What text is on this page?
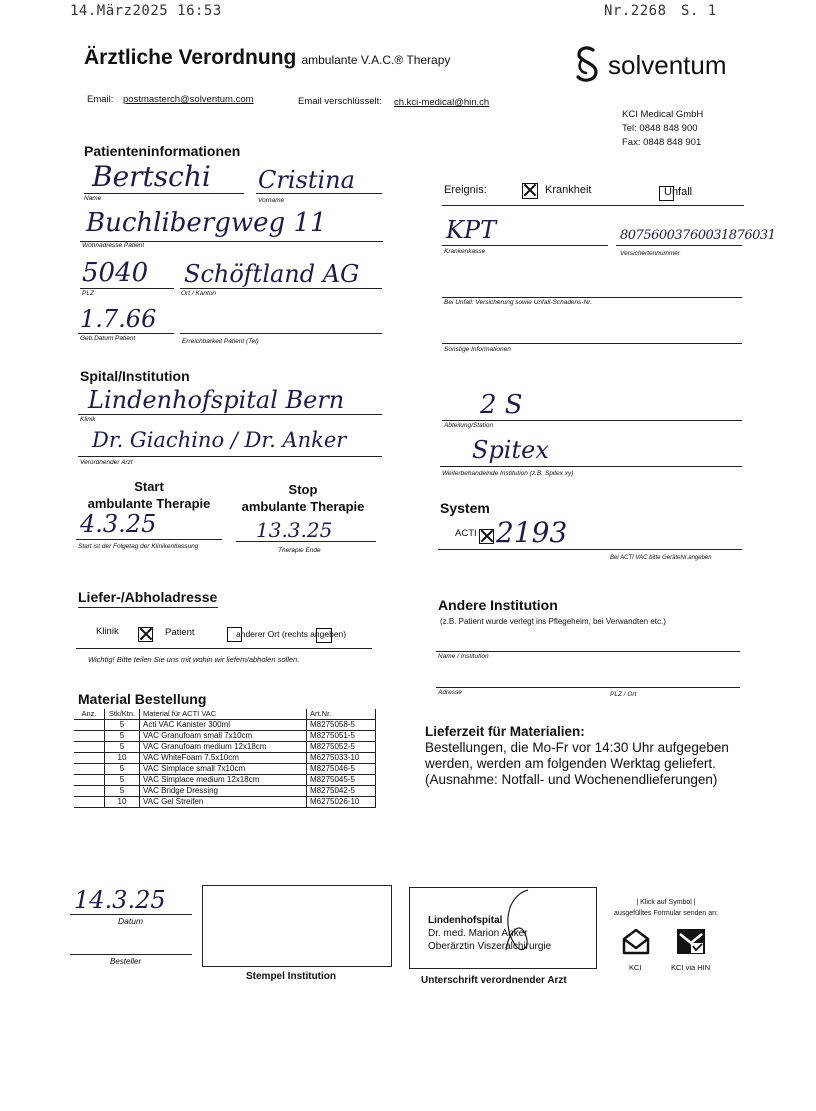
14.März2025 16:53	Nr.2268 S. 1
Ärztliche Verordnung ambulante V.A.C.® Therapy	solventum
Email: postmasterch@solventum.com	Email verschlüsselt: ch.kci-medical@hin.ch
KCI Medical GmbH
Tel: 0848 848 900
Fax: 0848 848 901
Patienteninformationen
Bertschi Cristina
Name	Vorname
Buchlibergweg 11
Wohnadresse Patient
5040 Schöftland AG
PLZ	Ort / Kanton
1.7.66
Geb.Datum Patient	Erreichbarkeit Patient (Tel)
Ereignis:
	Krankheit
	Unfall
KPT	80756003760031876031
Krankenkasse	Versichertennummer
Bei Unfall: Versicherung sowie Unfall-Schadens-Nr.
Sonstige Informationen
Spital/Institution
Lindenhofspital Bern
Klinik
Dr. Giachino / Dr. Anker
Verordnender Arzt
2 S
Abteilung/Station
Spitex
Weiterbehandelnde Institution (z.B. Spitex xy)
Start
ambulante Therapie
Stop
ambulante Therapie
4.3.25	13.3.25
Start ist der Folgetag der Klinikentlassung
Therapie Ende
System

ACTI 2193
Bei ACTI VAC bitte GeräteNr.angeben
Liefer-/Abholadresse

Klinik
	Patient	anderer Ort (rechts angeben)
Wichtig! Bitte teilen Sie uns mit wohin wir liefern/abholen sollen.
Andere Institution
(z.B. Patient wurde verlegt ins Pflegeheim, bei Verwandten etc.)
Name / Institution
Adresse	PLZ / Ort
Material Bestellung
Anz.	Stk/Ktn.	Material für ACTI VAC	Art.Nr.
	5	Acti VAC Kanister 300ml	M8275058-5
	5	VAC Granufoam small 7x10cm	M8275051-5
	5	VAC Granufoam medium 12x18cm	M8275052-5
	10	VAC WhiteFoam 7.5x10cm	M6275033-10
	5	VAC Simplace small 7x10cm	M8275046-5
	5	VAC Simplace medium 12x18cm	M8275045-5
	5	VAC Bridge Dressing	M8275042-5
	10	VAC Gel Streifen	M6275026-10
Lieferzeit für Materialien:
Bestellungen, die Mo-Fr vor 14:30 Uhr aufgegeben
werden, werden am folgenden Werktag geliefert.
(Ausnahme: Notfall- und Wochenendlieferungen)
14.3.25
Datum
Besteller
Stempel Institution
Lindenhofspital
Dr. med. Marion Anker
Oberärztin Viszeralchirurgie
Unterschrift verordnender Arzt
| Klick auf Symbol |
ausgefülltes Formular senden an:
KCI	KCI via HIN
